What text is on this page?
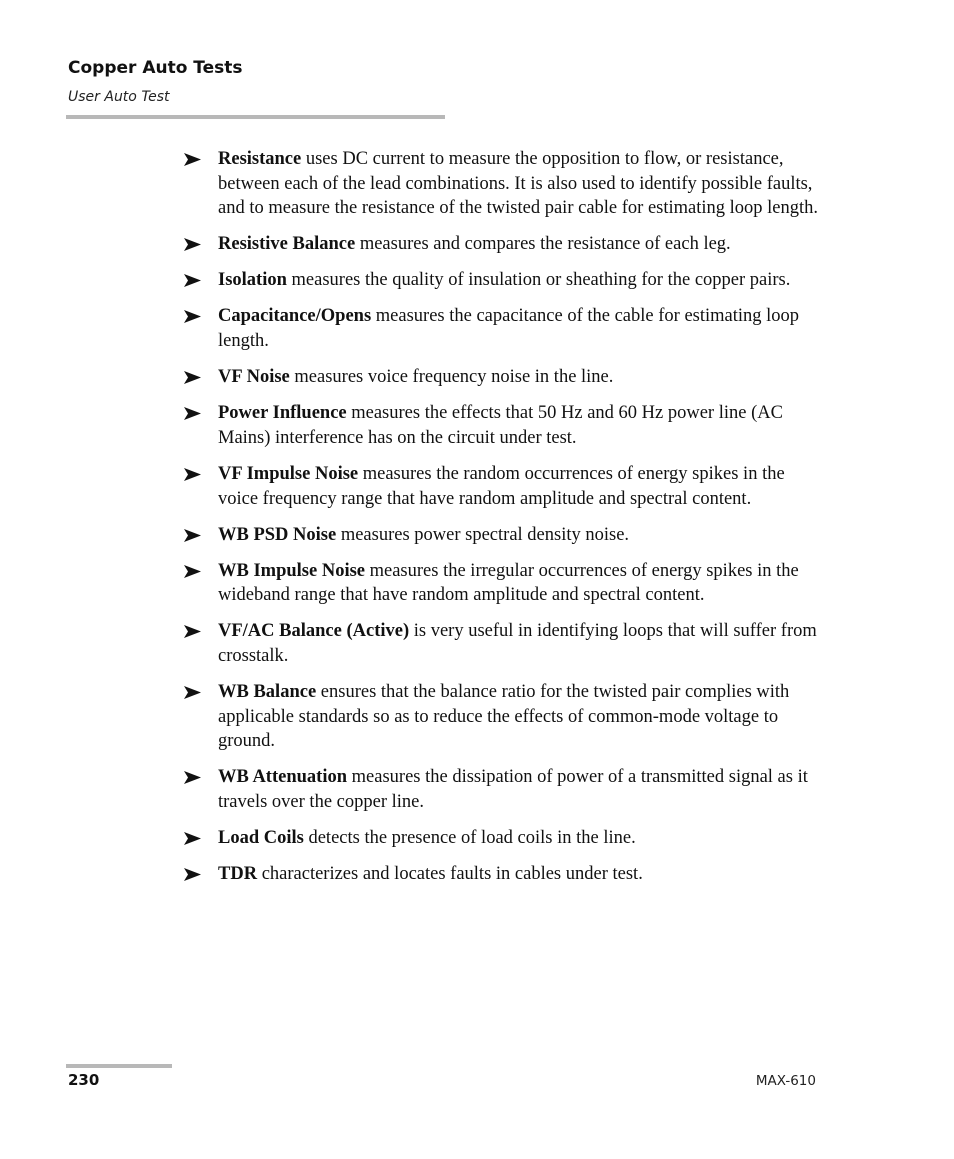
Copper Auto Tests
User Auto Test
Resistance uses DC current to measure the opposition to flow, or resistance, between each of the lead combinations. It is also used to identify possible faults, and to measure the resistance of the twisted pair cable for estimating loop length.
Resistive Balance measures and compares the resistance of each leg.
Isolation measures the quality of insulation or sheathing for the copper pairs.
Capacitance/Opens measures the capacitance of the cable for estimating loop length.
VF Noise measures voice frequency noise in the line.
Power Influence measures the effects that 50 Hz and 60 Hz power line (AC Mains) interference has on the circuit under test.
VF Impulse Noise measures the random occurrences of energy spikes in the voice frequency range that have random amplitude and spectral content.
WB PSD Noise measures power spectral density noise.
WB Impulse Noise measures the irregular occurrences of energy spikes in the wideband range that have random amplitude and spectral content.
VF/AC Balance (Active) is very useful in identifying loops that will suffer from crosstalk.
WB Balance ensures that the balance ratio for the twisted pair complies with applicable standards so as to reduce the effects of common-mode voltage to ground.
WB Attenuation measures the dissipation of power of a transmitted signal as it travels over the copper line.
Load Coils detects the presence of load coils in the line.
TDR characterizes and locates faults in cables under test.
230	MAX-610
